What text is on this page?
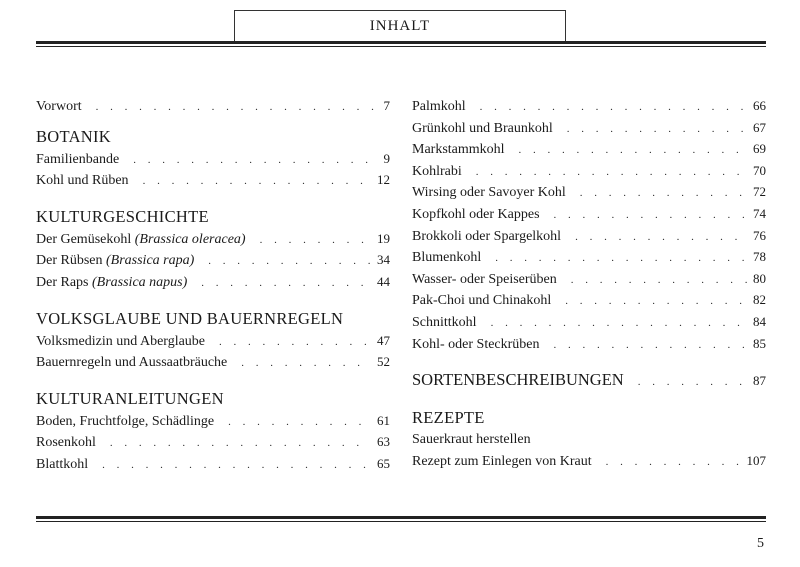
INHALT
Vorwort . . .	7
BOTANIK
Familienbande . . .	9
Kohl und Rüben . . .	12
KULTURGESCHICHTE
Der Gemüsekohl (Brassica oleracea) . . .	19
Der Rübsen (Brassica rapa) . . .	34
Der Raps (Brassica napus) . . .	44
VOLKSGLAUBE UND BAUERNREGELN
Volksmedizin und Aberglaube . . .	47
Bauernregeln und Aussaatbräuche . . .	52
KULTURANLEITUNGEN
Boden, Fruchtfolge, Schädlinge . . .	61
Rosenkohl . . .	63
Blattkohl . . .	65
Palmkohl . . .	66
Grünkohl und Braunkohl . . .	67
Markstammkohl . . .	69
Kohlrabi . . .	70
Wirsing oder Savoyer Kohl . . .	72
Kopfkohl oder Kappes . . .	74
Brokkoli oder Spargelkohl . . .	76
Blumenkohl . . .	78
Wasser- oder Speiserüben . . .	80
Pak-Choi und Chinakohl . . .	82
Schnittkohl . . .	84
Kohl- oder Steckrüben . . .	85
SORTENBESCHREIBUNGEN . . .	87
REZEPTE
Sauerkraut herstellen
Rezept zum Einlegen von Kraut . . .	107
5
